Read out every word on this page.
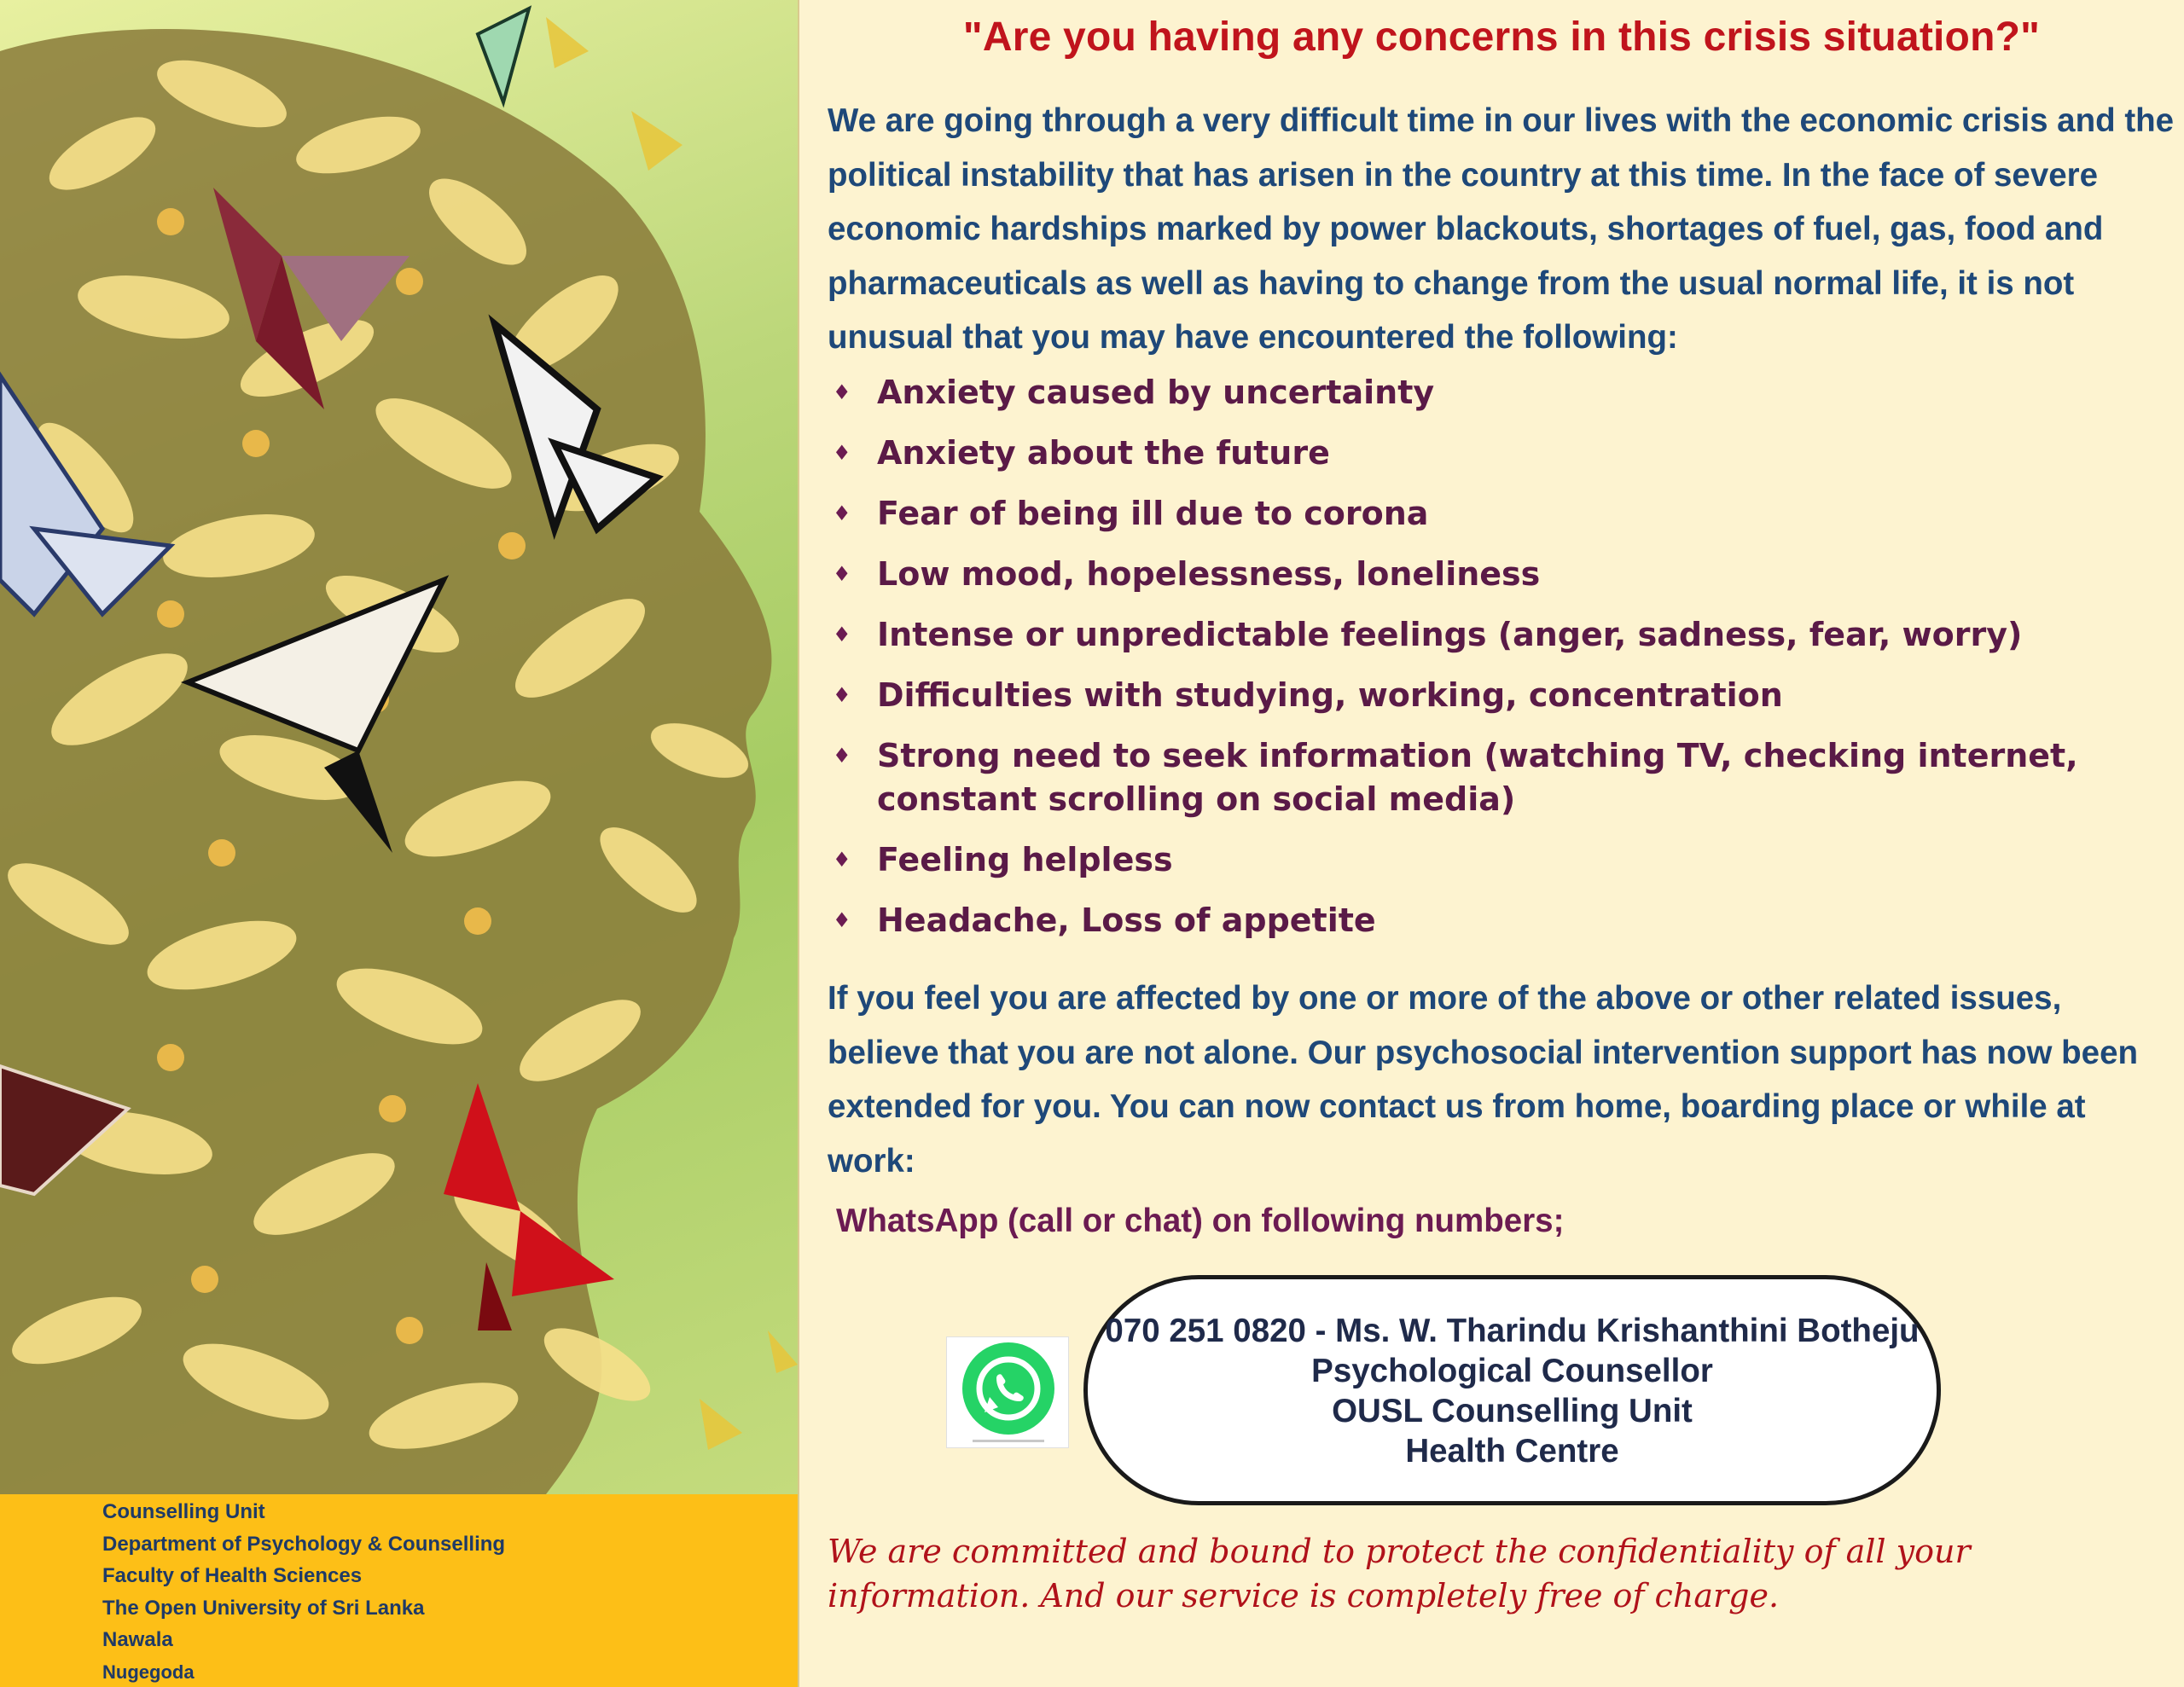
Counselling Unit
Department of Psychology & Counselling
Faculty of Health Sciences
The Open University of Sri Lanka
Nawala
Nugegoda
"Are you having any concerns in this crisis situation?"

We are going through a very difficult time in our lives with the economic crisis and the political instability that has arisen in the country at this time. In the face of severe economic hardships marked by power blackouts, shortages of fuel, gas, food and pharmaceuticals as well as having to change from the usual normal life, it is not unusual that you may have encountered the following:

♦ Anxiety caused by uncertainty
♦ Anxiety about the future
♦ Fear of being ill due to corona
♦ Low mood, hopelessness, loneliness
♦ Intense or unpredictable feelings (anger, sadness, fear, worry)
♦ Difficulties with studying, working, concentration
♦ Strong need to seek information (watching TV, checking internet, constant scrolling on social media)
♦ Feeling helpless
♦ Headache, Loss of appetite

If you feel you are affected by one or more of the above or other related issues, believe that you are not alone. Our psychosocial intervention support has now been extended for you. You can now contact us from home, boarding place or while at work:

WhatsApp (call or chat) on following numbers;

We are committed and bound to protect the confidentiality of all your information. And our service is completely free of charge.

070 251 0820 - Ms. W. Tharindu Krishanthini Botheju
Psychological Counsellor
OUSL Counselling Unit
Health Centre
